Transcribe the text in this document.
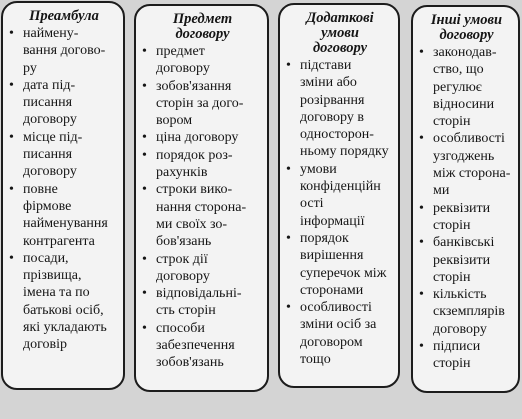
Преамбула
• наймену-
вання догово-
ру
• дата під-
писання
договору
• місце під-
писання
договору
• повне
фірмове
найменування
контрагента
• посади,
прізвища,
імена та по
батькові осіб,
які укладають
договір
Предмет
договору
• предмет
договору
• зобов'язання
сторін за дого-
вором
• ціна договору
• порядок роз-
рахунків
• строки вико-
нання сторона-
ми своїх зо-
бов'язань
• строк дії
договору
• відповідальні-
сть сторін
• способи
забезпечення
зобов'язань
Додаткові
умови
договору
• підстави
зміни або
розірвання
договору в
односторон-
ньому порядку
• умови
конфіденційн
ості
інформації
• порядок
вирішення
суперечок між
сторонами
• особливості
зміни осіб за
договором
тощо
Інші умови
договору
• законодав-
ство, що
регулює
відносини
сторін
• особливості
узгоджень
між сторона-
ми
• реквізити
сторін
• банківські
реквізити
сторін
• кількість
скземплярів
договору
• підписи
сторін
